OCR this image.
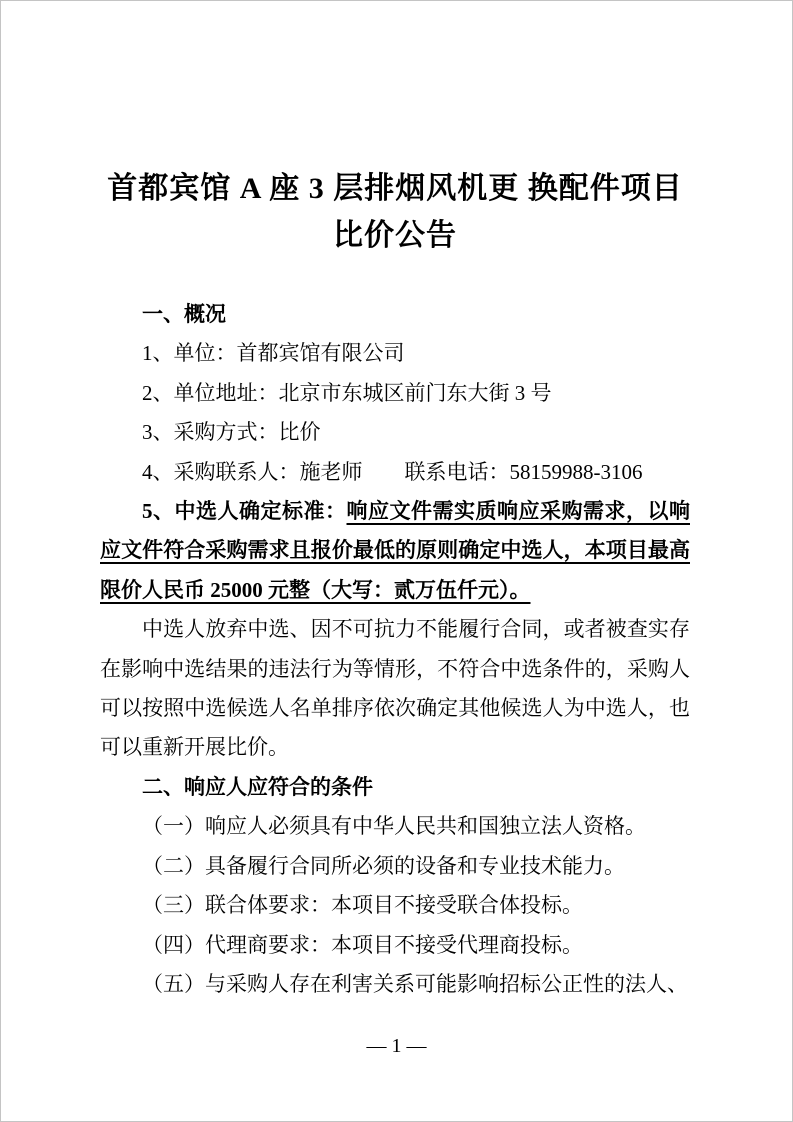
首都宾馆 A 座 3 层排烟风机更 换配件项目
比价公告

一、概况

1、单位：首都宾馆有限公司

2、单位地址：北京市东城区前门东大街 3 号

3、采购方式：比价

4、采购联系人：施老师　　联系电话：58159988-3106

5、中选人确定标准：响应文件需实质响应采购需求，以响应文件符合采购需求且报价最低的原则确定中选人，本项目最高限价人民币 25000 元整（大写：贰万伍仟元）。

中选人放弃中选、因不可抗力不能履行合同，或者被查实存在影响中选结果的违法行为等情形，不符合中选条件的，采购人可以按照中选候选人名单排序依次确定其他候选人为中选人，也可以重新开展比价。

二、响应人应符合的条件

（一）响应人必须具有中华人民共和国独立法人资格。

（二）具备履行合同所必须的设备和专业技术能力。

（三）联合体要求：本项目不接受联合体投标。

（四）代理商要求：本项目不接受代理商投标。

（五）与采购人存在利害关系可能影响招标公正性的法人、

— 1 —
